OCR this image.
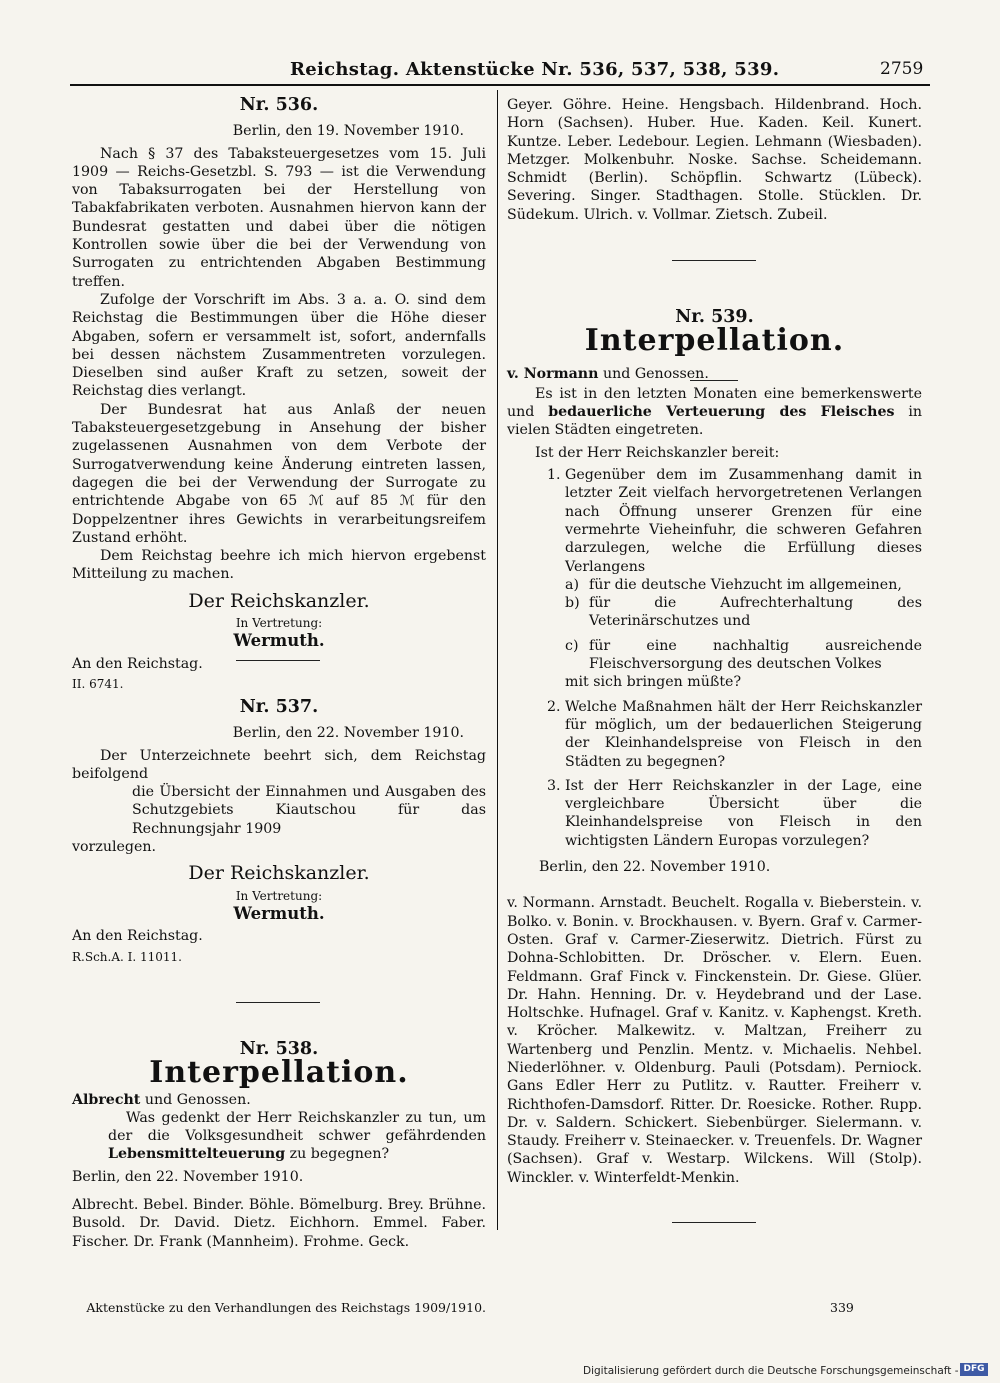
Reichstag. Aktenstücke Nr. 536, 537, 538, 539.	2759
Nr. 536.
Berlin, den 19. November 1910.

Nach § 37 des Tabaksteuergesetzes vom 15. Juli 1909 — Reichs-Gesetzbl. S. 793 — ist die Verwendung von Tabaksurrogaten bei der Herstellung von Tabakfabrikaten verboten. Ausnahmen hiervon kann der Bundesrat gestatten und dabei über die nötigen Kontrollen sowie über die bei der Verwendung von Surrogaten zu entrichtenden Abgaben Bestimmung treffen.

Zufolge der Vorschrift im Abs. 3 a. a. O. sind dem Reichstag die Bestimmungen über die Höhe dieser Abgaben, sofern er versammelt ist, sofort, andernfalls bei dessen nächstem Zusammentreten vorzulegen. Dieselben sind außer Kraft zu setzen, soweit der Reichstag dies verlangt.

Der Bundesrat hat aus Anlaß der neuen Tabaksteuergesetzgebung in Ansehung der bisher zugelassenen Ausnahmen von dem Verbote der Surrogatverwendung keine Änderung eintreten lassen, dagegen die bei der Verwendung der Surrogate zu entrichtende Abgabe von 65 ℳ auf 85 ℳ für den Doppelzentner ihres Gewichts in verarbeitungsreifem Zustand erhöht.

Dem Reichstag beehre ich mich hiervon ergebenst Mitteilung zu machen.

Der Reichskanzler.
In Vertretung:
Wermuth.
An den Reichstag.
II. 6741.
Nr. 537.
Berlin, den 22. November 1910.

Der Unterzeichnete beehrt sich, dem Reichstag beifolgend

die Übersicht der Einnahmen und Ausgaben des Schutzgebiets Kiautschou für das Rechnungsjahr 1909

vorzulegen.

Der Reichskanzler.
In Vertretung:
Wermuth.
An den Reichstag.
R.Sch.A. I. 11011.
Nr. 538.
Interpellation.
Albrecht und Genossen.

Was gedenkt der Herr Reichskanzler zu tun, um der die Volksgesundheit schwer gefährdenden Lebensmittelteuerung zu begegnen?

Berlin, den 22. November 1910.

Albrecht. Bebel. Binder. Böhle. Bömelburg. Brey. Brühne. Busold. Dr. David. Dietz. Eichhorn. Emmel. Faber. Fischer. Dr. Frank (Mannheim). Frohme. Geck.

Aktenstücke zu den Verhandlungen des Reichstags 1909/1910.

Geyer. Göhre. Heine. Hengsbach. Hildenbrand. Hoch. Horn (Sachsen). Huber. Hue. Kaden. Keil. Kunert. Kuntze. Leber. Ledebour. Legien. Lehmann (Wiesbaden). Metzger. Molkenbuhr. Noske. Sachse. Scheidemann. Schmidt (Berlin). Schöpflin. Schwartz (Lübeck). Severing. Singer. Stadthagen. Stolle. Stücklen. Dr. Südekum. Ulrich. v. Vollmar. Zietsch. Zubeil.

Nr. 539.
Interpellation.
v. Normann und Genossen.

Es ist in den letzten Monaten eine bemerkenswerte und bedauerliche Verteuerung des Fleisches in vielen Städten eingetreten.

Ist der Herr Reichskanzler bereit:

1. Gegenüber dem im Zusammenhang damit in letzter Zeit vielfach hervorgetretenen Verlangen nach Öffnung unserer Grenzen für eine vermehrte Vieheinfuhr, die schweren Gefahren darzulegen, welche die Erfüllung dieses Verlangens
a) für die deutsche Viehzucht im allgemeinen,
b) für die Aufrechterhaltung des Veterinärschutzes und
c) für eine nachhaltig ausreichende Fleischversorgung des deutschen Volkes
mit sich bringen müßte?
2. Welche Maßnahmen hält der Herr Reichskanzler für möglich, um der bedauerlichen Steigerung der Kleinhandelspreise von Fleisch in den Städten zu begegnen?
3. Ist der Herr Reichskanzler in der Lage, eine vergleichbare Übersicht über die Kleinhandelspreise von Fleisch in den wichtigsten Ländern Europas vorzulegen?
Berlin, den 22. November 1910.

v. Normann. Arnstadt. Beuchelt. Rogalla v. Bieberstein. v. Bolko. v. Bonin. v. Brockhausen. v. Byern. Graf v. Carmer-Osten. Graf v. Carmer-Zieserwitz. Dietrich. Fürst zu Dohna-Schlobitten. Dr. Dröscher. v. Elern. Euen. Feldmann. Graf Finck v. Finckenstein. Dr. Giese. Glüer. Dr. Hahn. Henning. Dr. v. Heydebrand und der Lase. Holtschke. Hufnagel. Graf v. Kanitz. v. Kaphengst. Kreth. v. Kröcher. Malkewitz. v. Maltzan, Freiherr zu Wartenberg und Penzlin. Mentz. v. Michaelis. Nehbel. Niederlöhner. v. Oldenburg. Pauli (Potsdam). Perniock. Gans Edler Herr zu Putlitz. v. Rautter. Freiherr v. Richthofen-Damsdorf. Ritter. Dr. Roesicke. Rother. Rupp. Dr. v. Saldern. Schickert. Siebenbürger. Sielermann. v. Staudy. Freiherr v. Steinaecker. v. Treuenfels. Dr. Wagner (Sachsen). Graf v. Westarp. Wilckens. Will (Stolp). Winckler. v. Winterfeldt-Menkin.

339
Digitalisierung gefördert durch die Deutsche Forschungsgemeinschaft - DFG
